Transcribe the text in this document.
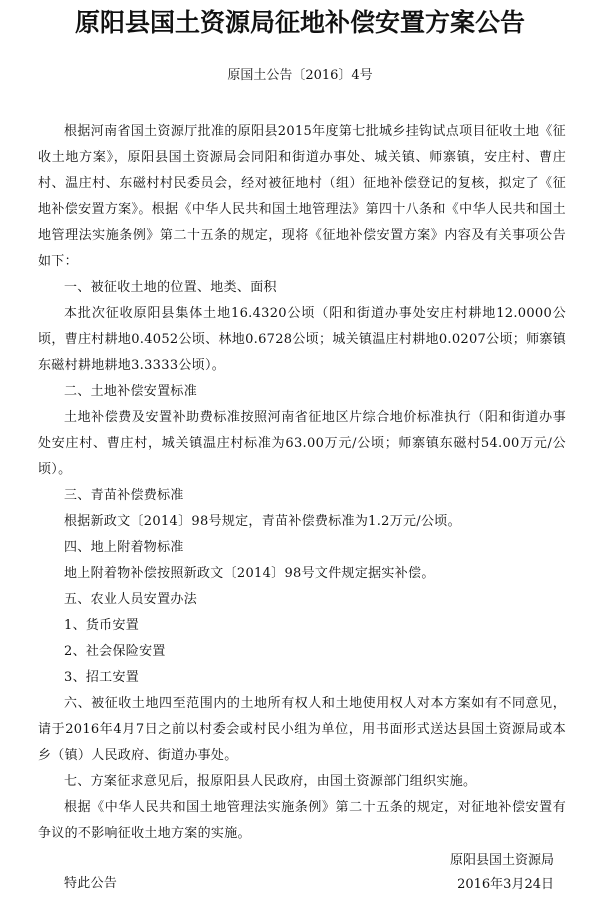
原阳县国土资源局征地补偿安置方案公告
原国土公告〔2016〕4号

根据河南省国土资源厅批准的原阳县2015年度第七批城乡挂钩试点项目征收土地《征收土地方案》，原阳县国土资源局会同阳和街道办事处、城关镇、师寨镇，安庄村、曹庄村、温庄村、东磁村村民委员会，经对被征地村（组）征地补偿登记的复核，拟定了《征地补偿安置方案》。根据《中华人民共和国土地管理法》第四十八条和《中华人民共和国土地管理法实施条例》第二十五条的规定，现将《征地补偿安置方案》内容及有关事项公告如下：

一、被征收土地的位置、地类、面积

本批次征收原阳县集体土地16.4320公顷（阳和街道办事处安庄村耕地12.0000公顷，曹庄村耕地0.4052公顷、林地0.6728公顷；城关镇温庄村耕地0.0207公顷；师寨镇东磁村耕地耕地3.3333公顷）。

二、土地补偿安置标准

土地补偿费及安置补助费标准按照河南省征地区片综合地价标准执行（阳和街道办事处安庄村、曹庄村，城关镇温庄村标准为63.00万元/公顷；师寨镇东磁村54.00万元/公顷）。

三、青苗补偿费标准

根据新政文〔2014〕98号规定，青苗补偿费标准为1.2万元/公顷。

四、地上附着物标准

地上附着物补偿按照新政文〔2014〕98号文件规定据实补偿。

五、农业人员安置办法

1、货币安置

2、社会保险安置

3、招工安置

六、被征收土地四至范围内的土地所有权人和土地使用权人对本方案如有不同意见，请于2016年4月7日之前以村委会或村民小组为单位，用书面形式送达县国土资源局或本乡（镇）人民政府、街道办事处。

七、方案征求意见后，报原阳县人民政府，由国土资源部门组织实施。

根据《中华人民共和国土地管理法实施条例》第二十五条的规定，对征地补偿安置有争议的不影响征收土地方案的实施。

特此公告

原阳县国土资源局
2016年3月24日
